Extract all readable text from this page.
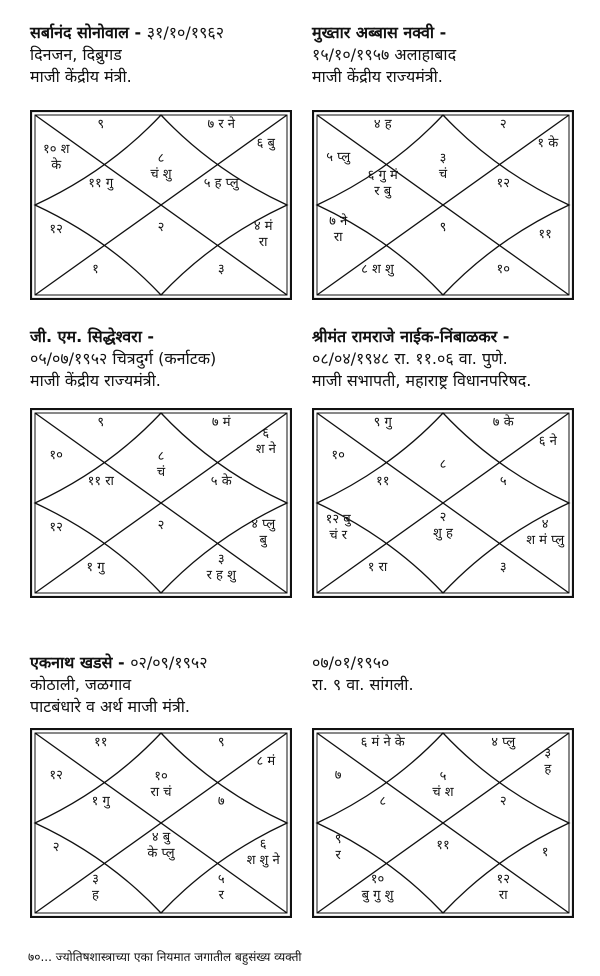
सर्बानंद सोनोवाल - ३१/१०/१९६२
दिनजन, दिब्रुगड
माजी केंद्रीय मंत्री.
९
१० श
के
११ गु
१२
१
२
३
४ मं
रा
५ ह प्लु
६ बु
७ र ने
८
चं शु
मुख्तार अब्बास नक्वी -
१५/१०/१९५७ अलाहाबाद
माजी केंद्रीय राज्यमंत्री.
४ ह
५ प्लु
६ गु मं
र बु
७ ने
रा
८ श शु
९
१०
११
१२
१ के
२
३
चं
जी. एम. सिद्धेश्वरा -
०५/०७/१९५२ चित्रदुर्ग (कर्नाटक)
माजी केंद्रीय राज्यमंत्री.
९
१०
११ रा
१२
१ गु
२
३
र ह शु
४ प्लु
बु
५ के
६
श ने
७ मं
८
चं
श्रीमंत रामराजे नाईक-निंबाळकर -
०८/०४/१९४८ रा. ११.०६ वा. पुणे.
माजी सभापती, महाराष्ट्र विधानपरिषद.
९ गु
१०
११
१२ बु
चं र
१ रा
२
शु ह
३
४
श मं प्लु
५
६ ने
७ के
८
एकनाथ खडसे - ०२/०९/१९५२
कोठाली, जळगाव
पाटबंधारे व अर्थ माजी मंत्री.
११
१२
१ गु
२
३
ह
४ बु
के प्लु
५
र
६
श शु ने
७
८ मं
९
१०
रा चं
०७/०१/१९५०
रा. ९ वा. सांगली.
६ मं ने के
७
८
९
र
१०
बु गु शु
११
१२
रा
१
२
३
ह
४ प्लु
५
चं श
७०... ज्योतिषशास्त्राच्या एका नियमात जगातील बहुसंख्य व्यक्ती
